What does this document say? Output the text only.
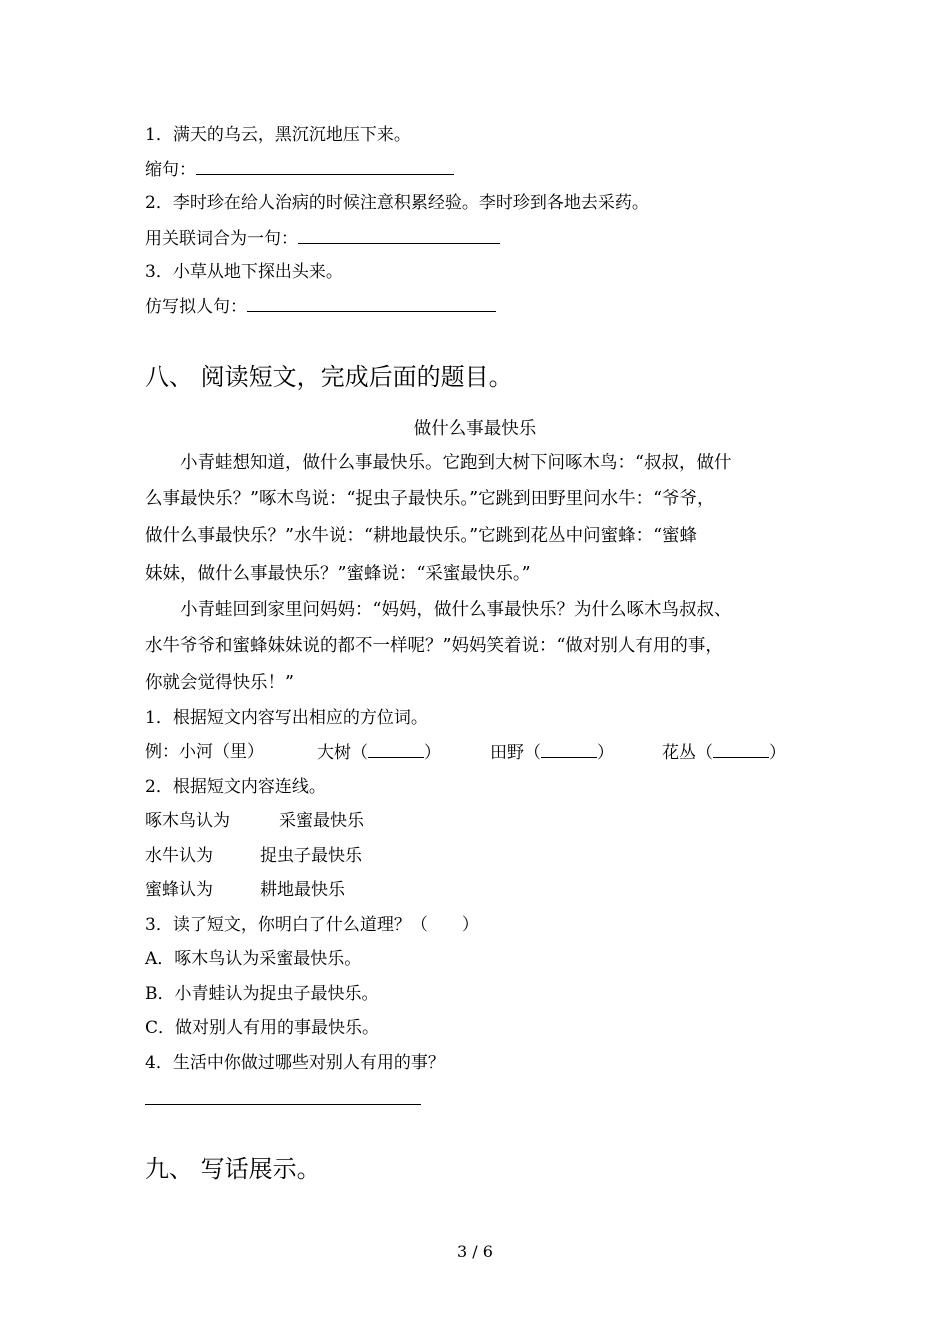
1．满天的乌云，黑沉沉地压下来。
缩句：
2．李时珍在给人治病的时候注意积累经验。李时珍到各地去采药。
用关联词合为一句：
3．小草从地下探出头来。
仿写拟人句：
八、 阅读短文，完成后面的题目。
做什么事最快乐
小青蛙想知道，做什么事最快乐。它跑到大树下问啄木鸟：“叔叔，做什
么事最快乐？”啄木鸟说：“捉虫子最快乐。”它跳到田野里问水牛：“爷爷，
做什么事最快乐？”水牛说：“耕地最快乐。”它跳到花丛中问蜜蜂：“蜜蜂
妹妹，做什么事最快乐？”蜜蜂说：“采蜜最快乐。”
小青蛙回到家里问妈妈：“妈妈，做什么事最快乐？为什么啄木鸟叔叔、
水牛爷爷和蜜蜂妹妹说的都不一样呢？”妈妈笑着说：“做对别人有用的事，
你就会觉得快乐！”
1．根据短文内容写出相应的方位词。
例：小河（里）	大树（	）	田野（	）	花丛（	）
2．根据短文内容连线。
啄木鸟认为	采蜜最快乐
水牛认为	捉虫子最快乐
蜜蜂认为	耕地最快乐
3．读了短文，你明白了什么道理？（　　）
A．啄木鸟认为采蜜最快乐。
B．小青蛙认为捉虫子最快乐。
C．做对别人有用的事最快乐。
4．生活中你做过哪些对别人有用的事？
九、 写话展示。
3 / 6
